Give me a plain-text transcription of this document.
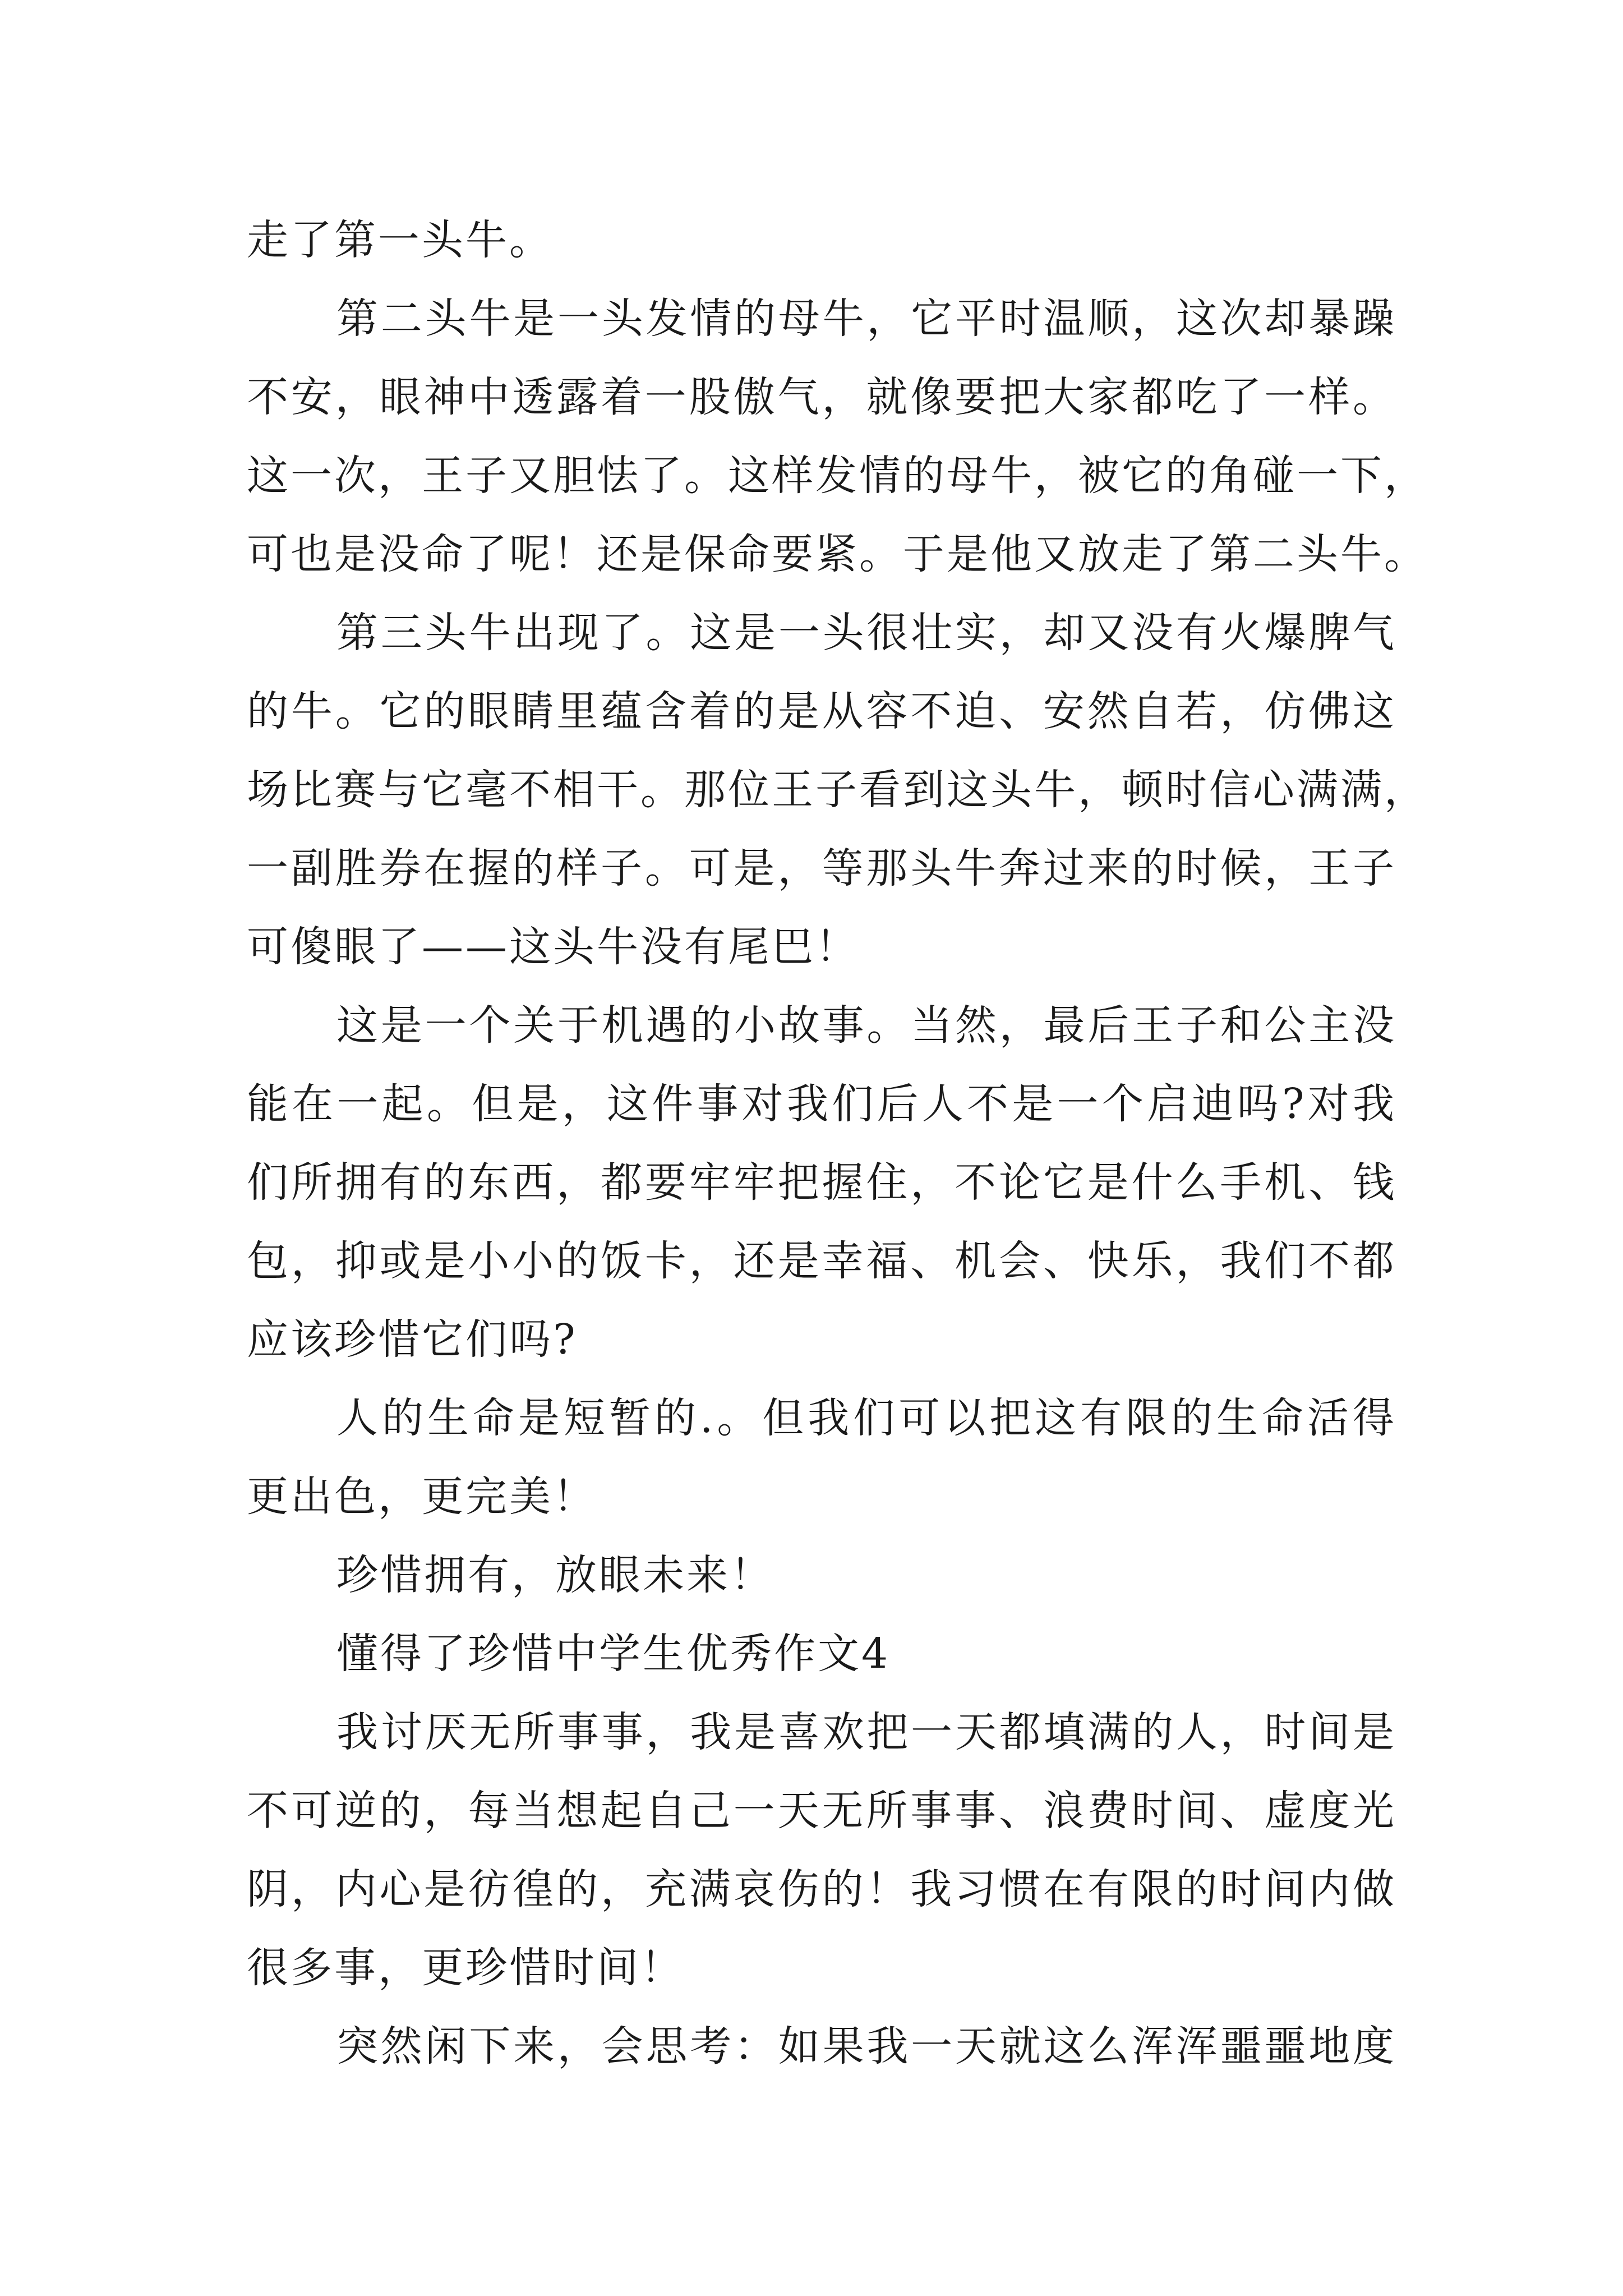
走了第一头牛。
第二头牛是一头发情的母牛，它平时温顺，这次却暴躁
不安，眼神中透露着一股傲气，就像要把大家都吃了一样。
这一次，王子又胆怯了。这样发情的母牛，被它的角碰一下，
可也是没命了呢！还是保命要紧。于是他又放走了第二头牛。
第三头牛出现了。这是一头很壮实，却又没有火爆脾气
的牛。它的眼睛里蕴含着的是从容不迫、安然自若，仿佛这
场比赛与它毫不相干。那位王子看到这头牛，顿时信心满满，
一副胜券在握的样子。可是，等那头牛奔过来的时候，王子
可傻眼了——这头牛没有尾巴！
这是一个关于机遇的小故事。当然，最后王子和公主没
能在一起。但是，这件事对我们后人不是一个启迪吗?对我
们所拥有的东西，都要牢牢把握住，不论它是什么手机、钱
包，抑或是小小的饭卡，还是幸福、机会、快乐，我们不都
应该珍惜它们吗?
人的生命是短暂的.。但我们可以把这有限的生命活得
更出色，更完美！
珍惜拥有，放眼未来！
懂得了珍惜中学生优秀作文4
我讨厌无所事事，我是喜欢把一天都填满的人，时间是
不可逆的，每当想起自己一天无所事事、浪费时间、虚度光
阴，内心是彷徨的，充满哀伤的！我习惯在有限的时间内做
很多事，更珍惜时间！
突然闲下来，会思考：如果我一天就这么浑浑噩噩地度
